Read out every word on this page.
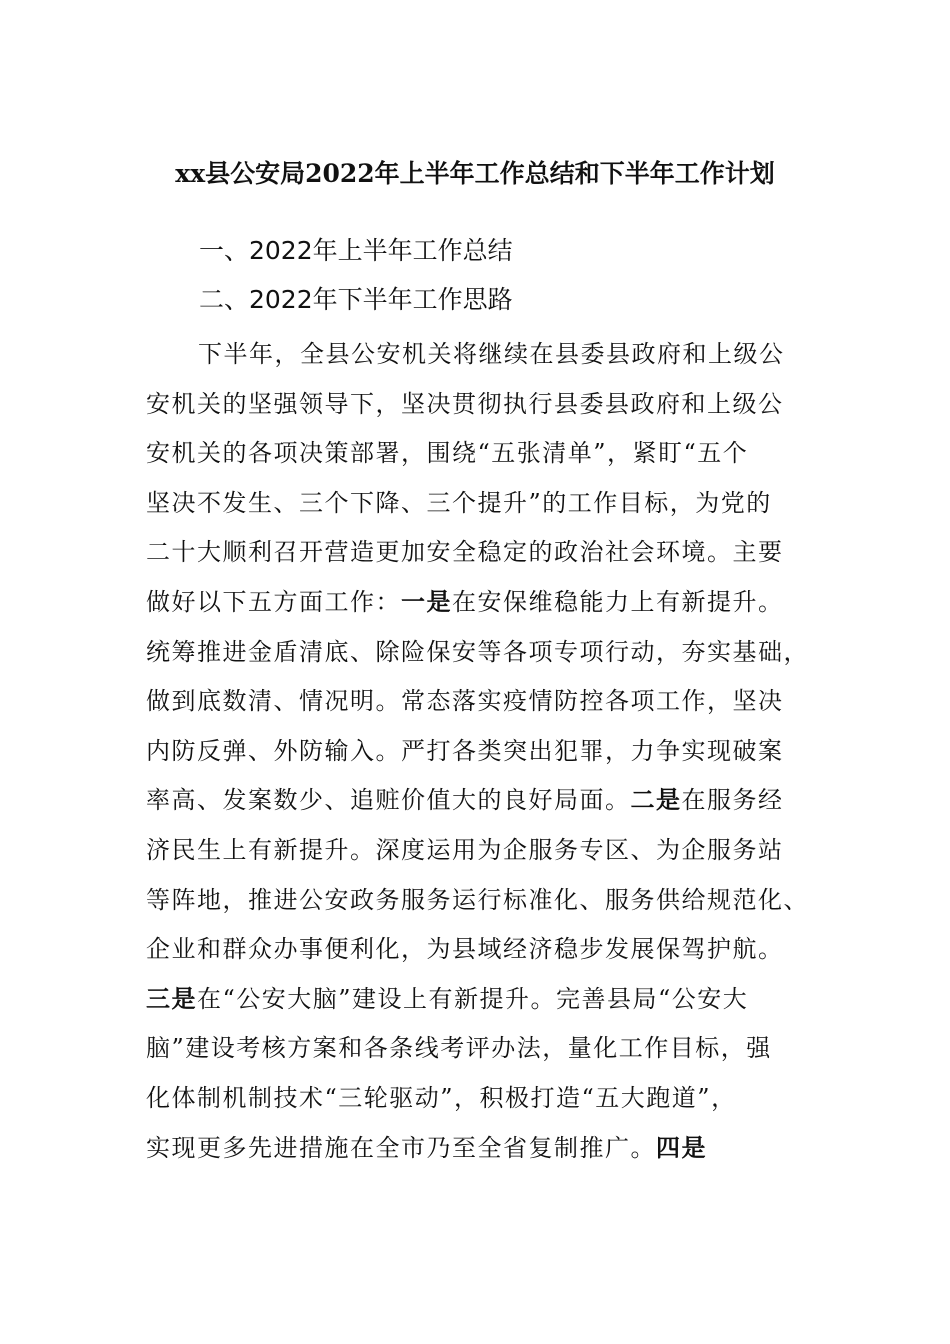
xx县公安局2022年上半年工作总结和下半年工作计划
一、2022年上半年工作总结
二、2022年下半年工作思路
下半年，全县公安机关将继续在县委县政府和上级公
安机关的坚强领导下，坚决贯彻执行县委县政府和上级公
安机关的各项决策部署，围绕“五张清单”，紧盯“五个
坚决不发生、三个下降、三个提升”的工作目标，为党的
二十大顺利召开营造更加安全稳定的政治社会环境。主要
做好以下五方面工作：一是在安保维稳能力上有新提升。
统筹推进金盾清底、除险保安等各项专项行动，夯实基础，
做到底数清、情况明。常态落实疫情防控各项工作，坚决
内防反弹、外防输入。严打各类突出犯罪，力争实现破案
率高、发案数少、追赃价值大的良好局面。二是在服务经
济民生上有新提升。深度运用为企服务专区、为企服务站
等阵地，推进公安政务服务运行标准化、服务供给规范化、
企业和群众办事便利化，为县域经济稳步发展保驾护航。
三是在“公安大脑”建设上有新提升。完善县局“公安大
脑”建设考核方案和各条线考评办法，量化工作目标，强
化体制机制技术“三轮驱动”，积极打造“五大跑道”，
实现更多先进措施在全市乃至全省复制推广。四是
